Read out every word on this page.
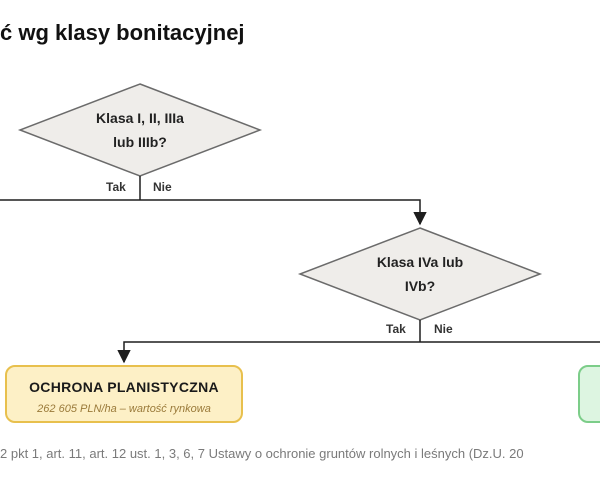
ć wg klasy bonitacyjnej
Klasa I, II, IIIa lub IIIb?
Klasa IVa lub IVb?
Tak Nie
Tak Nie
OCHRONA PLANISTYCZNA
262 605 PLN/ha – wartość rynkowa

2 pkt 1, art. 11, art. 12 ust. 1, 3, 6, 7 Ustawy o ochronie gruntów rolnych i leśnych (Dz.U. 20
